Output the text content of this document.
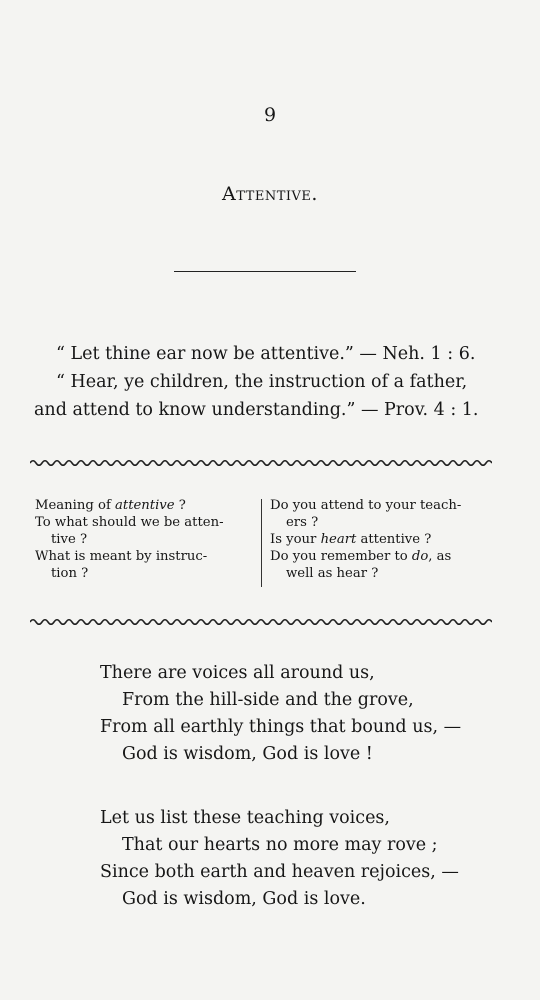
9
Attentive.
“ Let thine ear now be attentive.” — Neh. 1 : 6.
“ Hear, ye children, the instruction of a father,
and attend to know understanding.” — Prov. 4 : 1.
Meaning of attentive ?
To what should we be atten-
tive ?
What is meant by instruc-
tion ?
Do you attend to your teach-
ers ?
Is your heart attentive ?
Do you remember to do, as
well as hear ?
There are voices all around us,
From the hill-side and the grove,
From all earthly things that bound us, —
God is wisdom, God is love !
Let us list these teaching voices,
That our hearts no more may rove ;
Since both earth and heaven rejoices, —
God is wisdom, God is love.
